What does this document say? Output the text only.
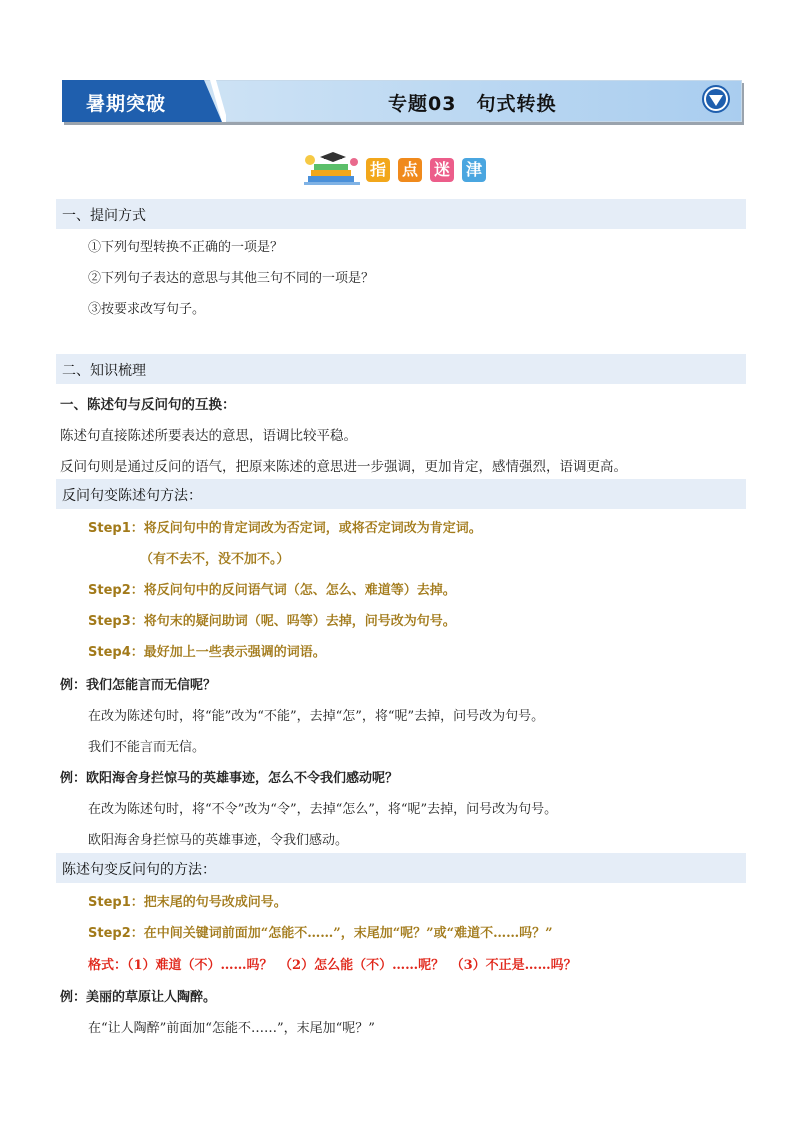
暑期突破	专题03　句式转换
指 点 迷 津
一、提问方式
①下列句型转换不正确的一项是？
②下列句子表达的意思与其他三句不同的一项是？
③按要求改写句子。
二、知识梳理
一、陈述句与反问句的互换：
陈述句直接陈述所要表达的意思，语调比较平稳。
反问句则是通过反问的语气，把原来陈述的意思进一步强调，更加肯定，感情强烈，语调更高。
反问句变陈述句方法：
Step1：将反问句中的肯定词改为否定词，或将否定词改为肯定词。
（有不去不，没不加不。）
Step2：将反问句中的反问语气词（怎、怎么、难道等）去掉。
Step3：将句末的疑问助词（呢、吗等）去掉，问号改为句号。
Step4：最好加上一些表示强调的词语。
例：我们怎能言而无信呢？
在改为陈述句时，将“能”改为“不能”，去掉“怎”，将“呢”去掉，问号改为句号。
我们不能言而无信。
例：欧阳海舍身拦惊马的英雄事迹，怎么不令我们感动呢？
在改为陈述句时，将“不令”改为“令”，去掉“怎么”，将“呢”去掉，问号改为句号。
欧阳海舍身拦惊马的英雄事迹，令我们感动。
陈述句变反问句的方法：
Step1：把末尾的句号改成问号。
Step2：在中间关键词前面加“怎能不……”，末尾加“呢？”或“难道不……吗？”
格式：（1）难道（不）……吗？　（2）怎么能（不）……呢？　（3）不正是……吗？
例：美丽的草原让人陶醉。
在“让人陶醉”前面加“怎能不……”，末尾加“呢？”
